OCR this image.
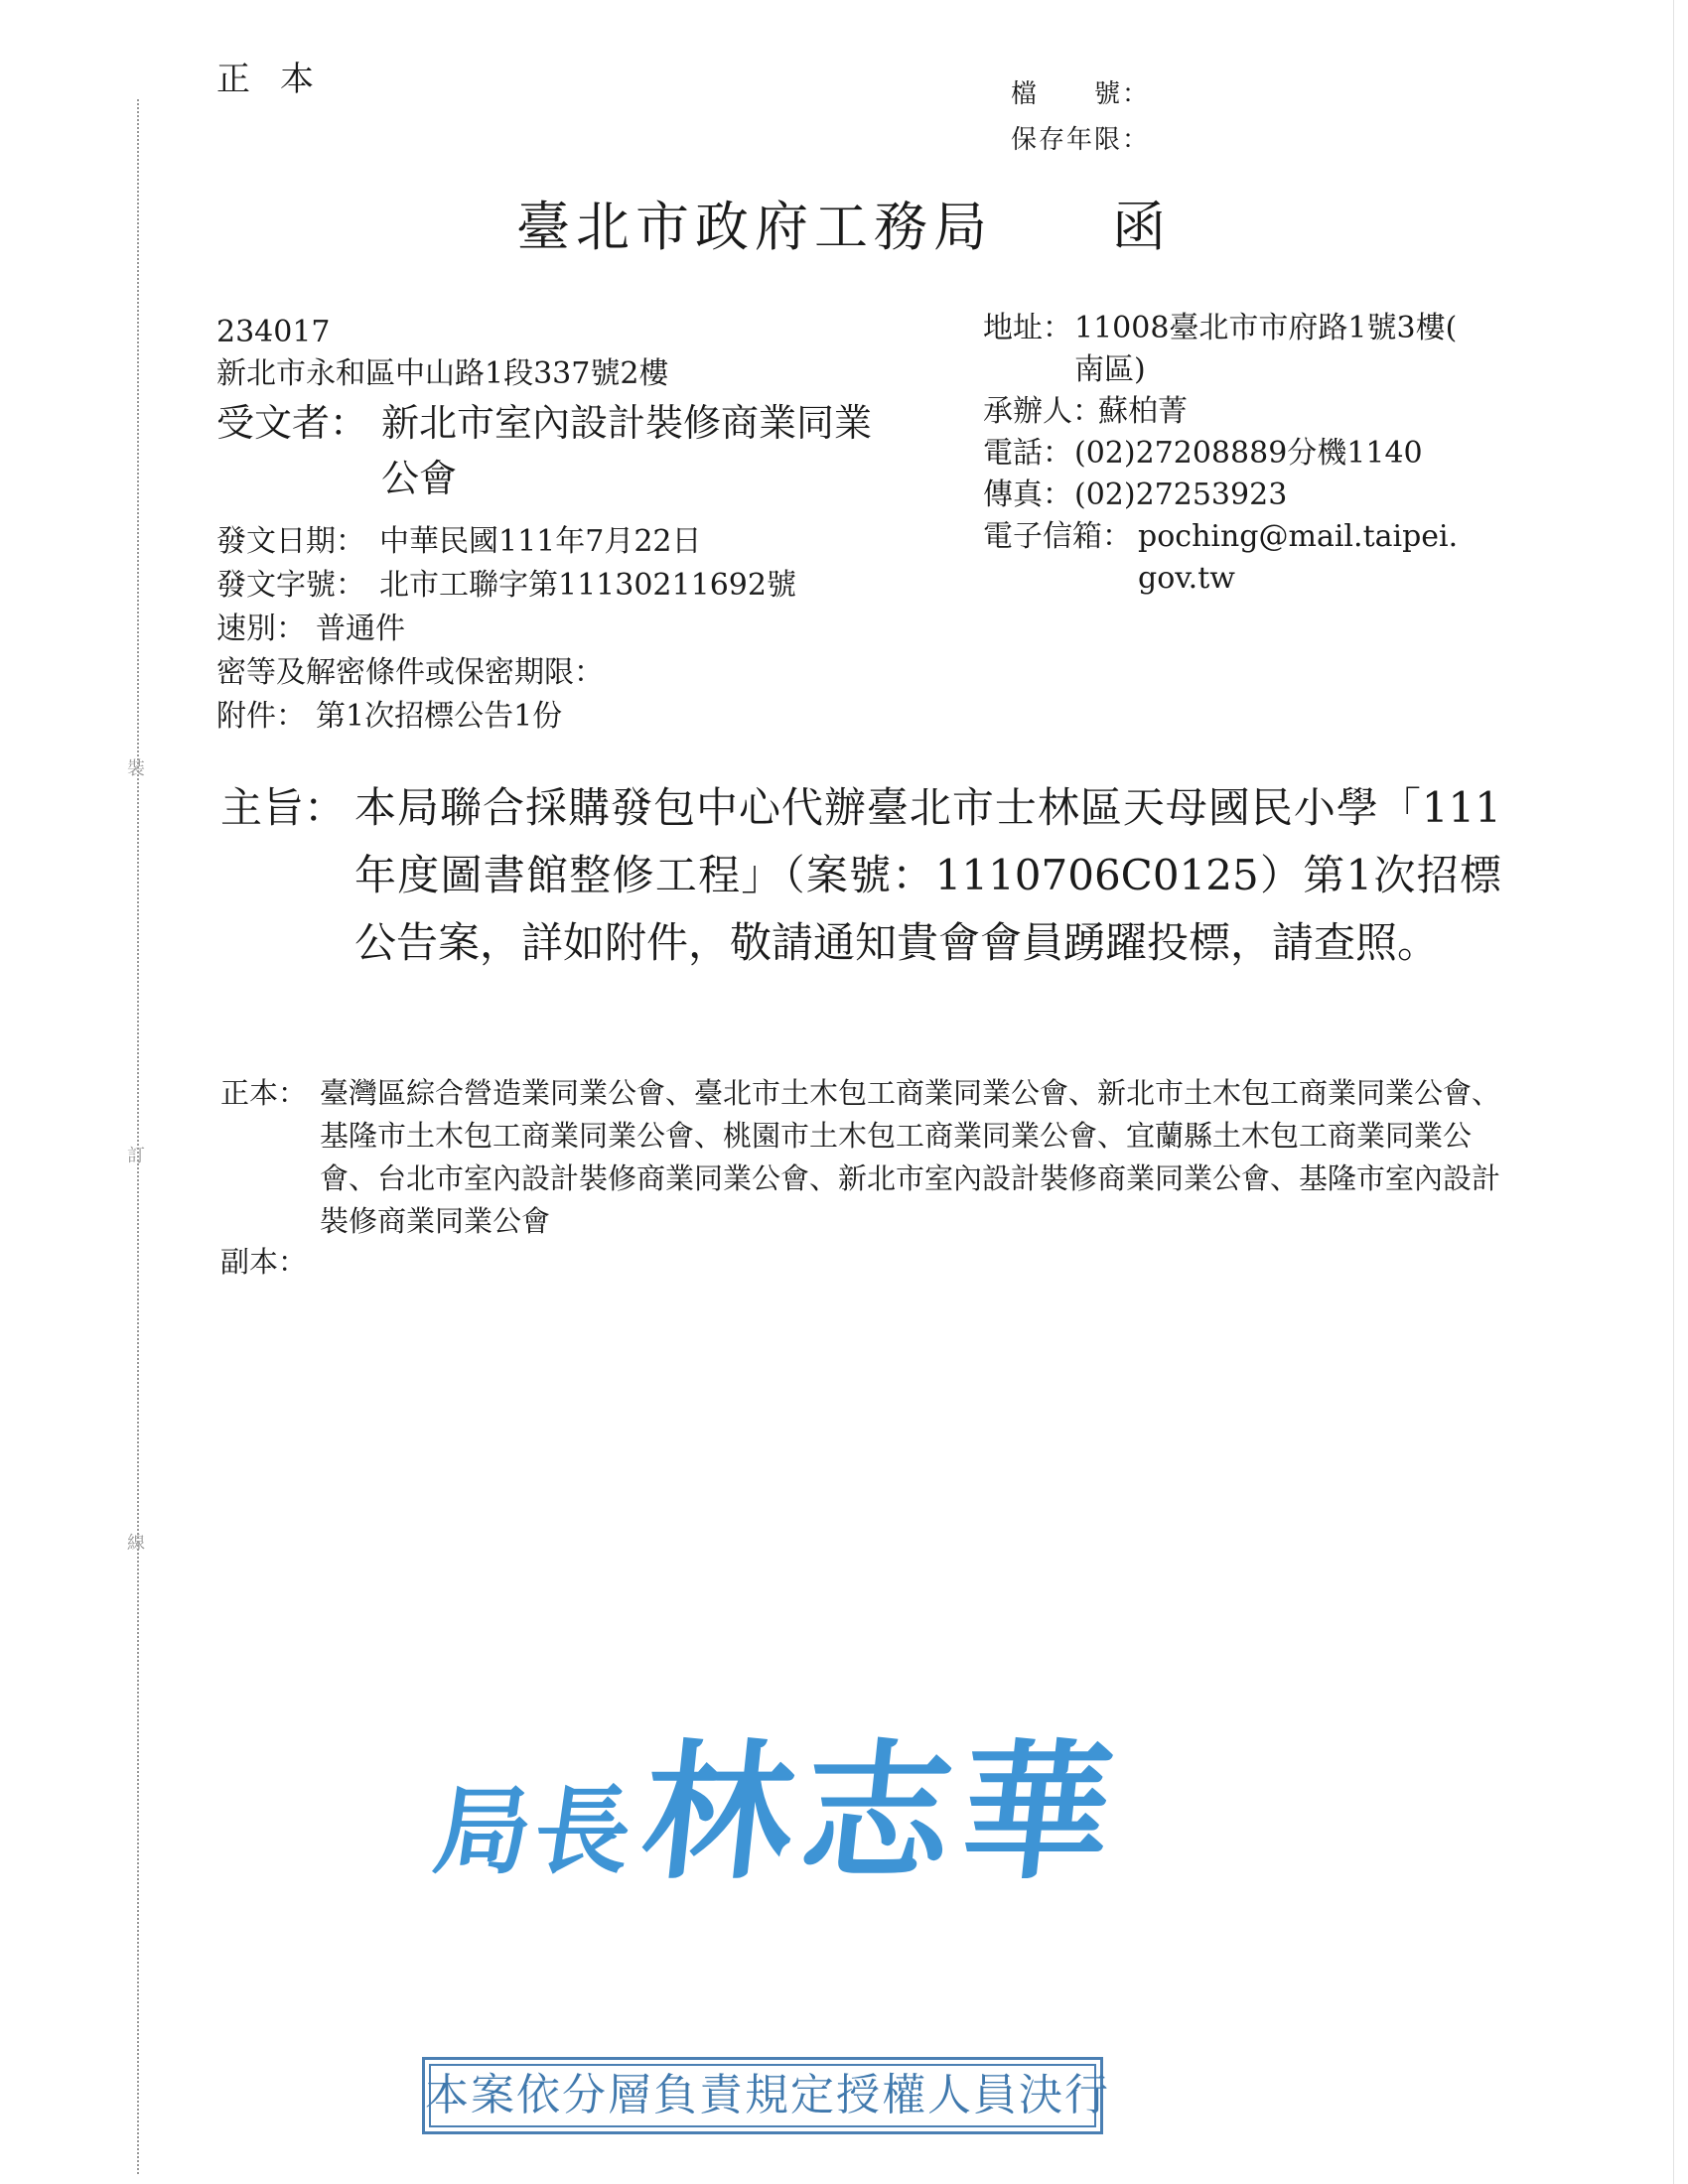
裝
訂
線
正本	檔　　號：
保存年限：
臺北市政府工務局　　函
234017
新北市永和區中山路1段337號2樓
受文者： 新北市室內設計裝修商業同業
公會
地址： 11008臺北市市府路1號3樓(
南區)
承辦人：
蘇柏菁
電話： (02)27208889分機1140
傳真： (02)27253923
電子信箱： poching@mail.taipei.
gov.tw
發文日期： 中華民國111年7月22日
發文字號： 北市工聯字第11130211692號
速別： 普通件
密等及解密條件或保密期限：
附件： 第1次招標公告1份
主旨： 本局聯合採購發包中心代辦臺北市士林區天母國民小學「111年度圖書館整修工程」（案號：1110706C0125）第1次招標公告案，詳如附件，敬請通知貴會會員踴躍投標，請查照。
正本： 臺灣區綜合營造業同業公會、臺北市土木包工商業同業公會、新北市土木包工商業同業公會、基隆市土木包工商業同業公會、桃園市土木包工商業同業公會、宜蘭縣土木包工商業同業公會、台北市室內設計裝修商業同業公會、新北市室內設計裝修商業同業公會、基隆市室內設計裝修商業同業公會
副本：
局長林志華
本案依分層負責規定授權人員決行
